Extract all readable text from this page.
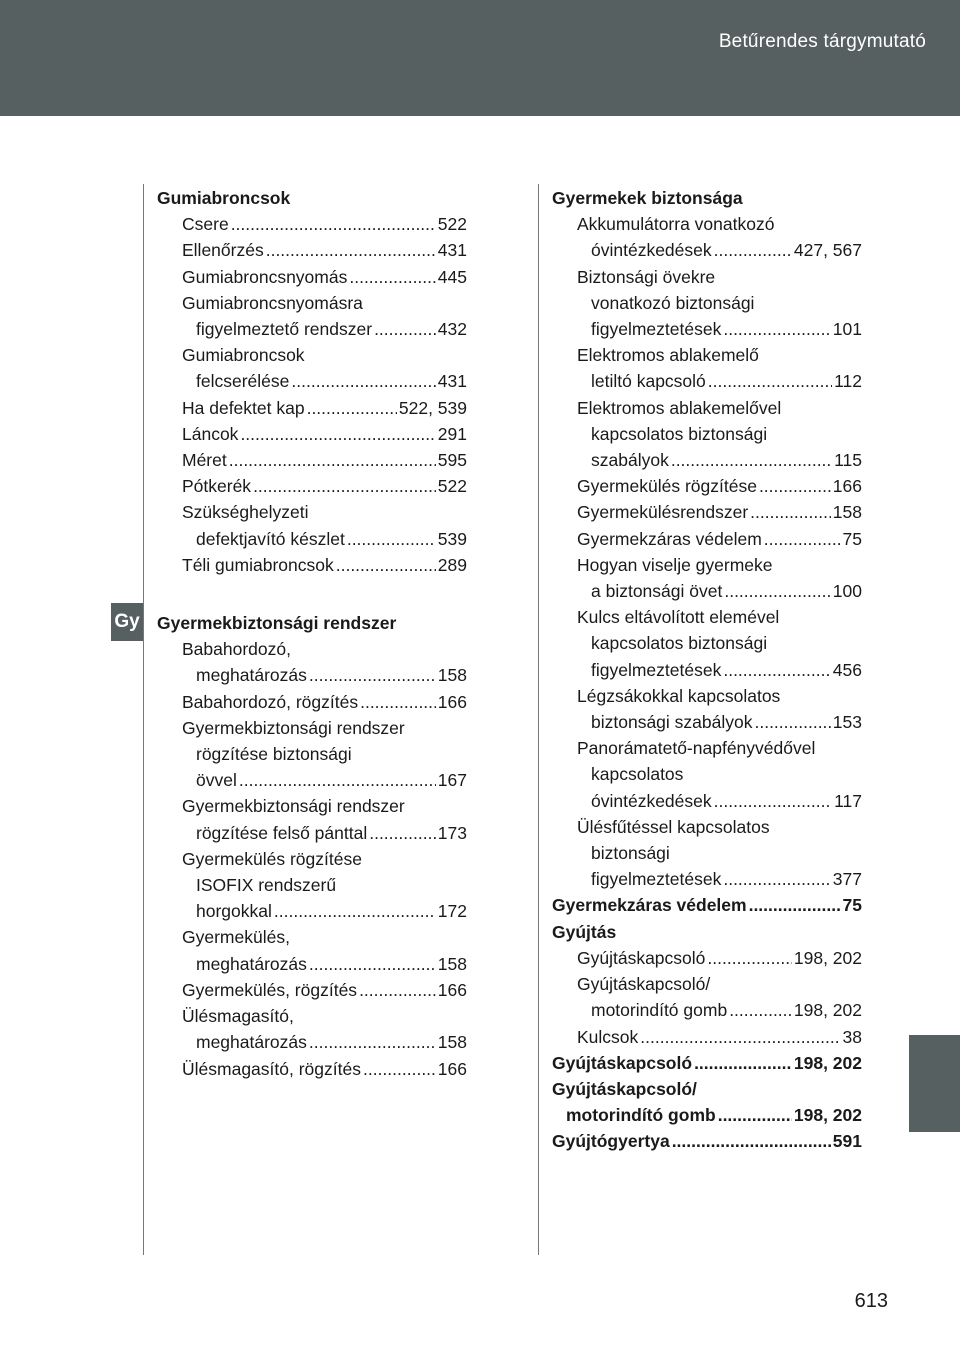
Betűrendes tárgymutató
Gy
Gumiabroncsok
Csere .....	522
Ellenőrzés .....	431
Gumiabroncsnyomás .....	445
Gumiabroncsnyomásra
figyelmeztető rendszer .....	432
Gumiabroncsok
felcserélése .....	431
Ha defektet kap .....	522, 539
Láncok .....	291
Méret .....	595
Pótkerék .....	522
Szükséghelyzeti
defektjavító készlet .....	539
Téli gumiabroncsok .....	289
Gyermekbiztonsági rendszer
Babahordozó,
meghatározás .....	158
Babahordozó, rögzítés .....	166
Gyermekbiztonsági rendszer
rögzítése biztonsági
övvel .....	167
Gyermekbiztonsági rendszer
rögzítése felső pánttal .....	173
Gyermekülés rögzítése
ISOFIX rendszerű
horgokkal .....	172
Gyermekülés,
meghatározás .....	158
Gyermekülés, rögzítés .....	166
Ülésmagasító,
meghatározás .....	158
Ülésmagasító, rögzítés .....	166
Gyermekek biztonsága
Akkumulátorra vonatkozó
óvintézkedések .....	427, 567
Biztonsági övekre
vonatkozó biztonsági
figyelmeztetések .....	101
Elektromos ablakemelő
letiltó kapcsoló .....	112
Elektromos ablakemelővel
kapcsolatos biztonsági
szabályok .....	115
Gyermekülés rögzítése .....	166
Gyermekülésrendszer .....	158
Gyermekzáras védelem .....	75
Hogyan viselje gyermeke
a biztonsági övet .....	100
Kulcs eltávolított elemével
kapcsolatos biztonsági
figyelmeztetések .....	456
Légzsákokkal kapcsolatos
biztonsági szabályok .....	153
Panorámatető-napfényvédővel
kapcsolatos
óvintézkedések .....	117
Ülésfűtéssel kapcsolatos
biztonsági
figyelmeztetések .....	377
Gyermekzáras védelem .....	75
Gyújtás
Gyújtáskapcsoló .....	198, 202
Gyújtáskapcsoló/
motorindító gomb .....	198, 202
Kulcsok .....	38
Gyújtáskapcsoló .....	198, 202
Gyújtáskapcsoló/
motorindító gomb .....	198, 202
Gyújtógyertya .....	591
613
